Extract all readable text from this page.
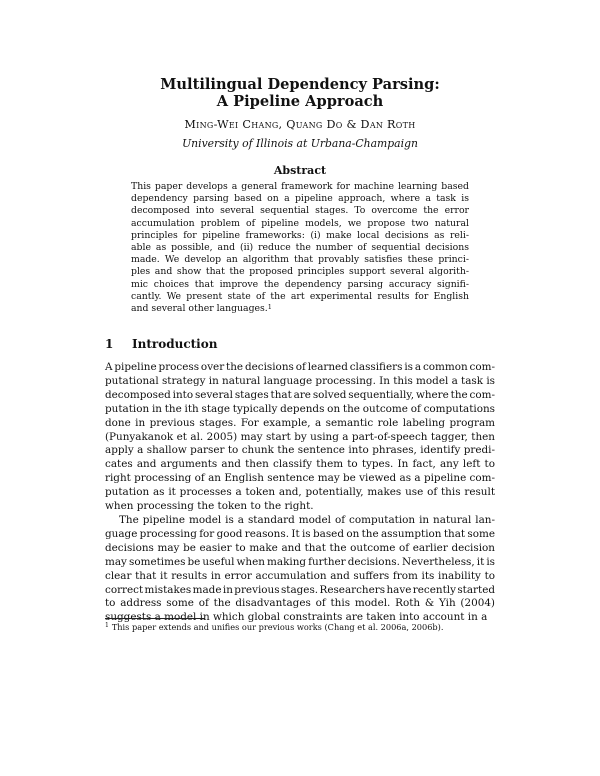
Multilingual Dependency Parsing:
A Pipeline Approach
Ming-Wei Chang, Quang Do & Dan Roth
University of Illinois at Urbana-Champaign
Abstract
This paper develops a general framework for machine learning based
dependency parsing based on a pipeline approach, where a task is
decomposed into several sequential stages. To overcome the error
accumulation problem of pipeline models, we propose two natural
principles for pipeline frameworks: (i) make local decisions as reli-
able as possible, and (ii) reduce the number of sequential decisions
made. We develop an algorithm that provably satisfies these princi-
ples and show that the proposed principles support several algorith-
mic choices that improve the dependency parsing accuracy signifi-
cantly. We present state of the art experimental results for English
and several other languages.$^1$
1 Introduction
A pipeline process over the decisions of learned classifiers is a common com-
putational strategy in natural language processing. In this model a task is
decomposed into several stages that are solved sequentially, where the com-
putation in the ith stage typically depends on the outcome of computations
done in previous stages. For example, a semantic role labeling program
(Punyakanok et al. 2005) may start by using a part-of-speech tagger, then
apply a shallow parser to chunk the sentence into phrases, identify predi-
cates and arguments and then classify them to types. In fact, any left to
right processing of an English sentence may be viewed as a pipeline com-
putation as it processes a token and, potentially, makes use of this result
when processing the token to the right.
The pipeline model is a standard model of computation in natural lan-
guage processing for good reasons. It is based on the assumption that some
decisions may be easier to make and that the outcome of earlier decision
may sometimes be useful when making further decisions. Nevertheless, it is
clear that it results in error accumulation and suffers from its inability to
correct mistakes made in previous stages. Researchers have recently started
to address some of the disadvantages of this model. Roth & Yih (2004)
suggests a model in which global constraints are taken into account in a
$^1$ This paper extends and unifies our previous works (Chang et al. 2006a, 2006b).
